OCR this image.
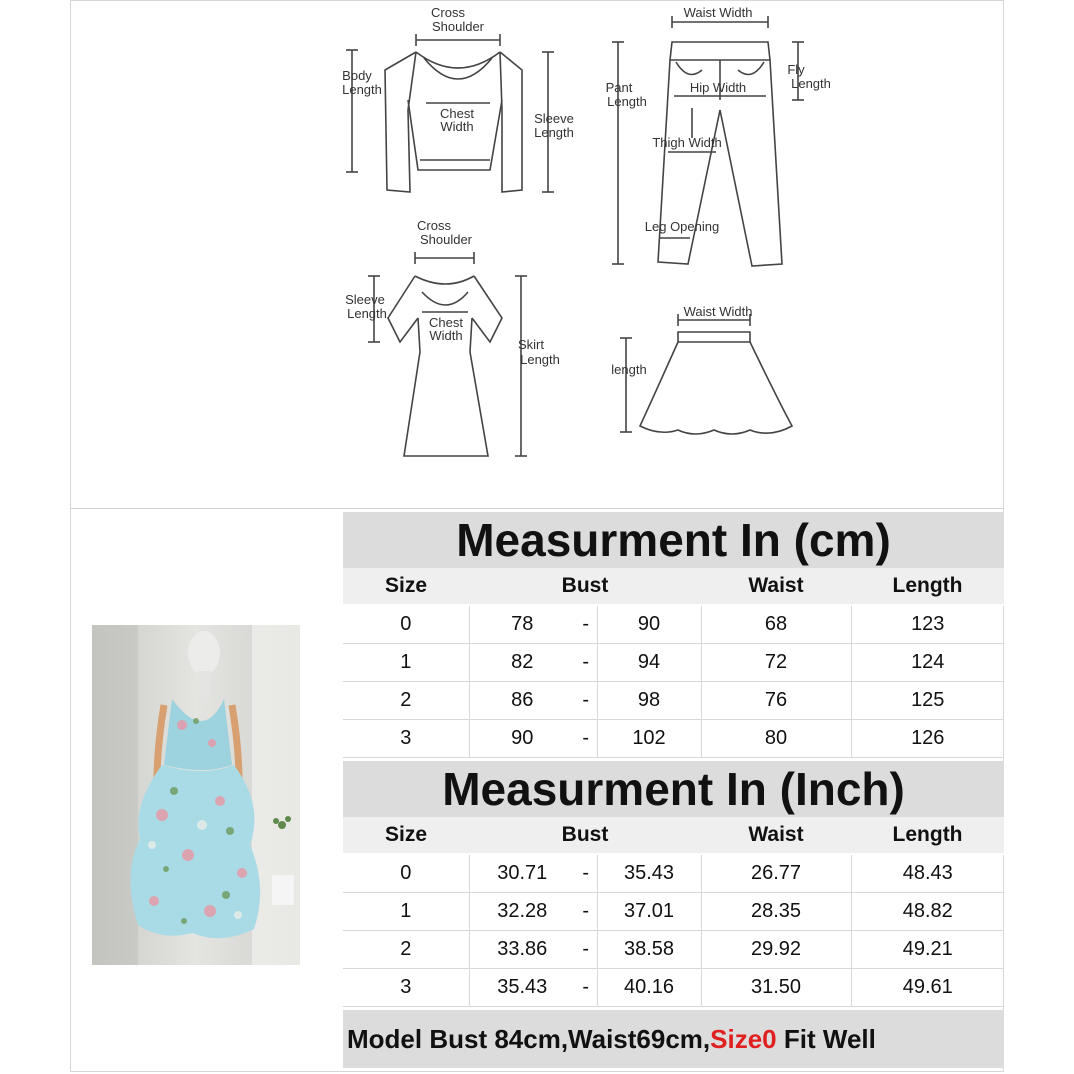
Cross
Shoulder
Body
Length
Chest
Width
Sleeve
Length
Waist Width
Fly
Length
Pant
Length
Hip Width
Thigh Width
Leg Opening
Cross
Shoulder
Sleeve
Length
Chest
Width
Skirt
Length
Waist Width
length
Measurment In (cm)					
Size	Bust			Waist	Length

0	78	-	90	68	123
1	82	-	94	72	124
2	86	-	98	76	125
3	90	-	102	80	126
Measurment In (Inch)					
Size	Bust			Waist	Length

0	30.71	-	35.43	26.77	48.43
1	32.28	-	37.01	28.35	48.82
2	33.86	-	38.58	29.92	49.21
3	35.43	-	40.16	31.50	49.61
Model Bust 84cm,Waist69cm,Size0 Fit Well
